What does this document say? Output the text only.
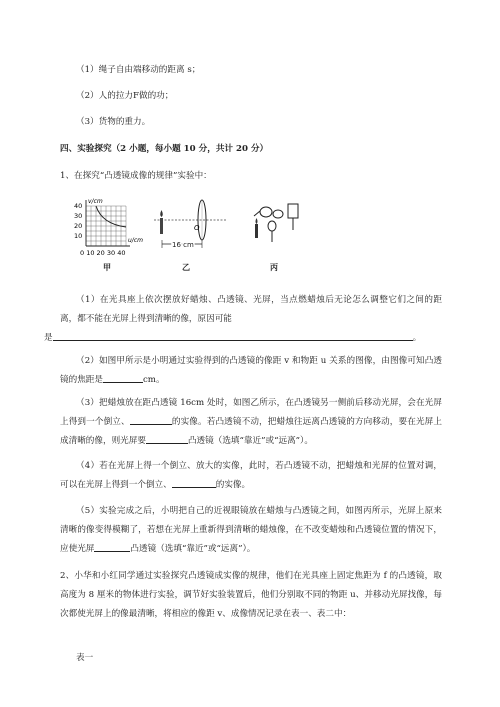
（1）绳子自由端移动的距离 s；
（2）人的拉力F做的功；
（3）货物的重力。
四、实验探究（2 小题，每小题 10 分，共计 20 分）
1、在探究“凸透镜成像的规律”实验中：
v/cm
u/cm
40
30
20
10
0 10 20 30 40
O
16 cm
甲	乙	丙
（1）在光具座上依次摆放好蜡烛、凸透镜、光屏，当点燃蜡烛后无论怎么调整它们之间的距离，都不能在光屏上得到清晰的像，原因可能
是	。
（2）如图甲所示是小明通过实验得到的凸透镜的像距 v 和物距 u 关系的图像，由图像可知凸透镜的焦距是	cm。
（3）把蜡烛放在距凸透镜 16cm 处时，如图乙所示，在凸透镜另一侧前后移动光屏，会在光屏上得到一个倒立、	的实像。若凸透镜不动，把蜡烛往远离凸透镜的方向移动，要在光屏上成清晰的像，则光屏要	凸透镜（选填“靠近”或“远离”）。
（4）若在光屏上得一个倒立、放大的实像，此时，若凸透镜不动，把蜡烛和光屏的位置对调，可以在光屏上得到一个倒立、	的实像。
（5）实验完成之后，小明把自己的近视眼镜放在蜡烛与凸透镜之间，如图丙所示，光屏上原来清晰的像变得模糊了，若想在光屏上重新得到清晰的蜡烛像，在不改变蜡烛和凸透镜位置的情况下，应使光屏	凸透镜（选填“靠近”或“远离”）。
2、小华和小红同学通过实验探究凸透镜成实像的规律，他们在光具座上固定焦距为 f 的凸透镜，取高度为 8 厘米的物体进行实验，调节好实验装置后，他们分别取不同的物距 u、并移动光屏找像，每次都使光屏上的像最清晰，将相应的像距 v、成像情况记录在表一、表二中：
表一
